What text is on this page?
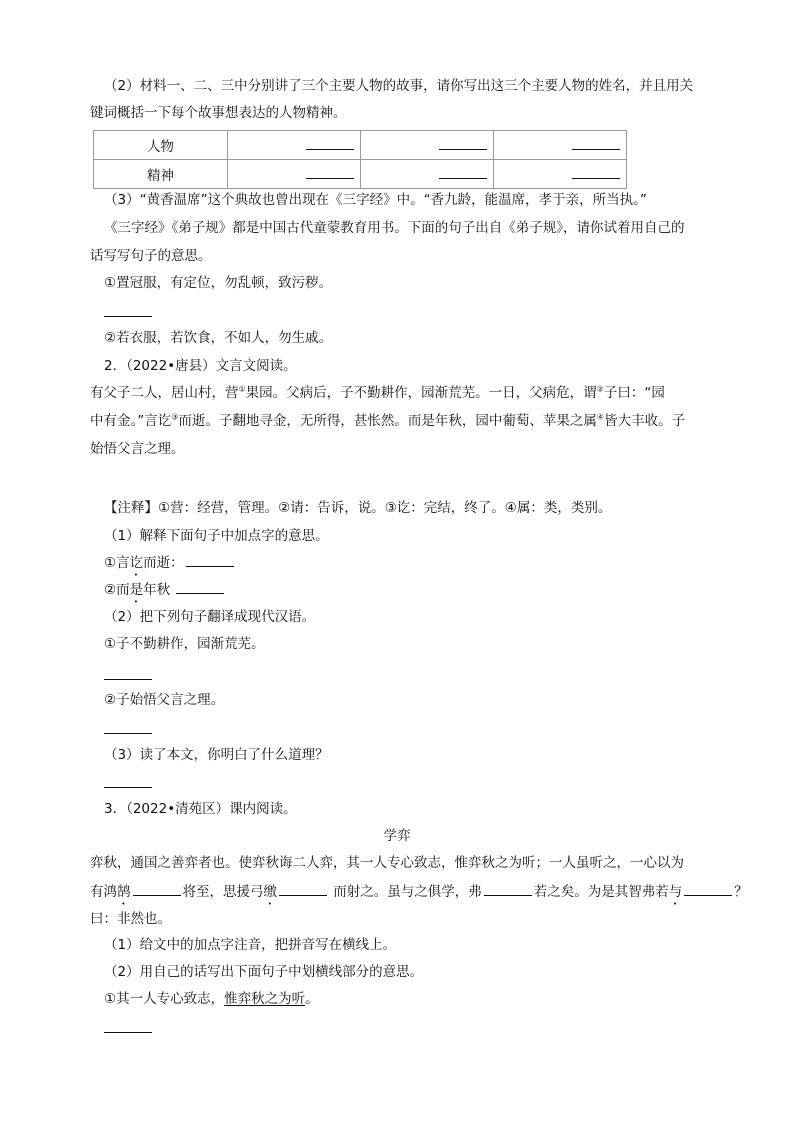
（2）材料一、二、三中分别讲了三个主要人物的故事，请你写出这三个主要人物的姓名，并且用关
键词概括一下每个故事想表达的人物精神。
人物	

精神	

（3）“黄香温席”这个典故也曾出现在《三字经》中。“香九龄，能温席，孝于亲，所当执。”
《三字经》《弟子规》都是中国古代童蒙教育用书。下面的句子出自《弟子规》，请你试着用自己的
话写写句子的意思。
①置冠服，有定位，勿乱顿，致污秽。
②若衣服，若饮食，不如人，勿生戚。
2．（2022•唐县）文言文阅读。
有父子二人，居山村，营①果园。父病后，子不勤耕作，园渐荒芜。一日，父病危，谓②子曰：“园
中有金。”言讫③而逝。子翻地寻金，无所得，甚怅然。而是年秋，园中葡萄、苹果之属④皆大丰收。子
始悟父言之理。
【注释】①营：经营，管理。②请：告诉，说。③讫：完结，终了。④属：类，类别。
（1）解释下面句子中加点字的意思。
①言讫而逝：
②而是年秋
（2）把下列句子翻译成现代汉语。
①子不勤耕作，园渐荒芜。
②子始悟父言之理。
（3）读了本文，你明白了什么道理？
3．（2022•清苑区）课内阅读。
学弈
弈秋，通国之善弈者也。使弈秋诲二人弈，其一人专心致志，惟弈秋之为听；一人虽听之，一心以为
有鸿鹄	将至，思援弓缴	而射之。虽与之俱学，弗	若之矣。为是其智弗若与	？
曰：非然也。
（1）给文中的加点字注音，把拼音写在横线上。
（2）用自己的话写出下面句子中划横线部分的意思。
①其一人专心致志，惟弈秋之为听。
